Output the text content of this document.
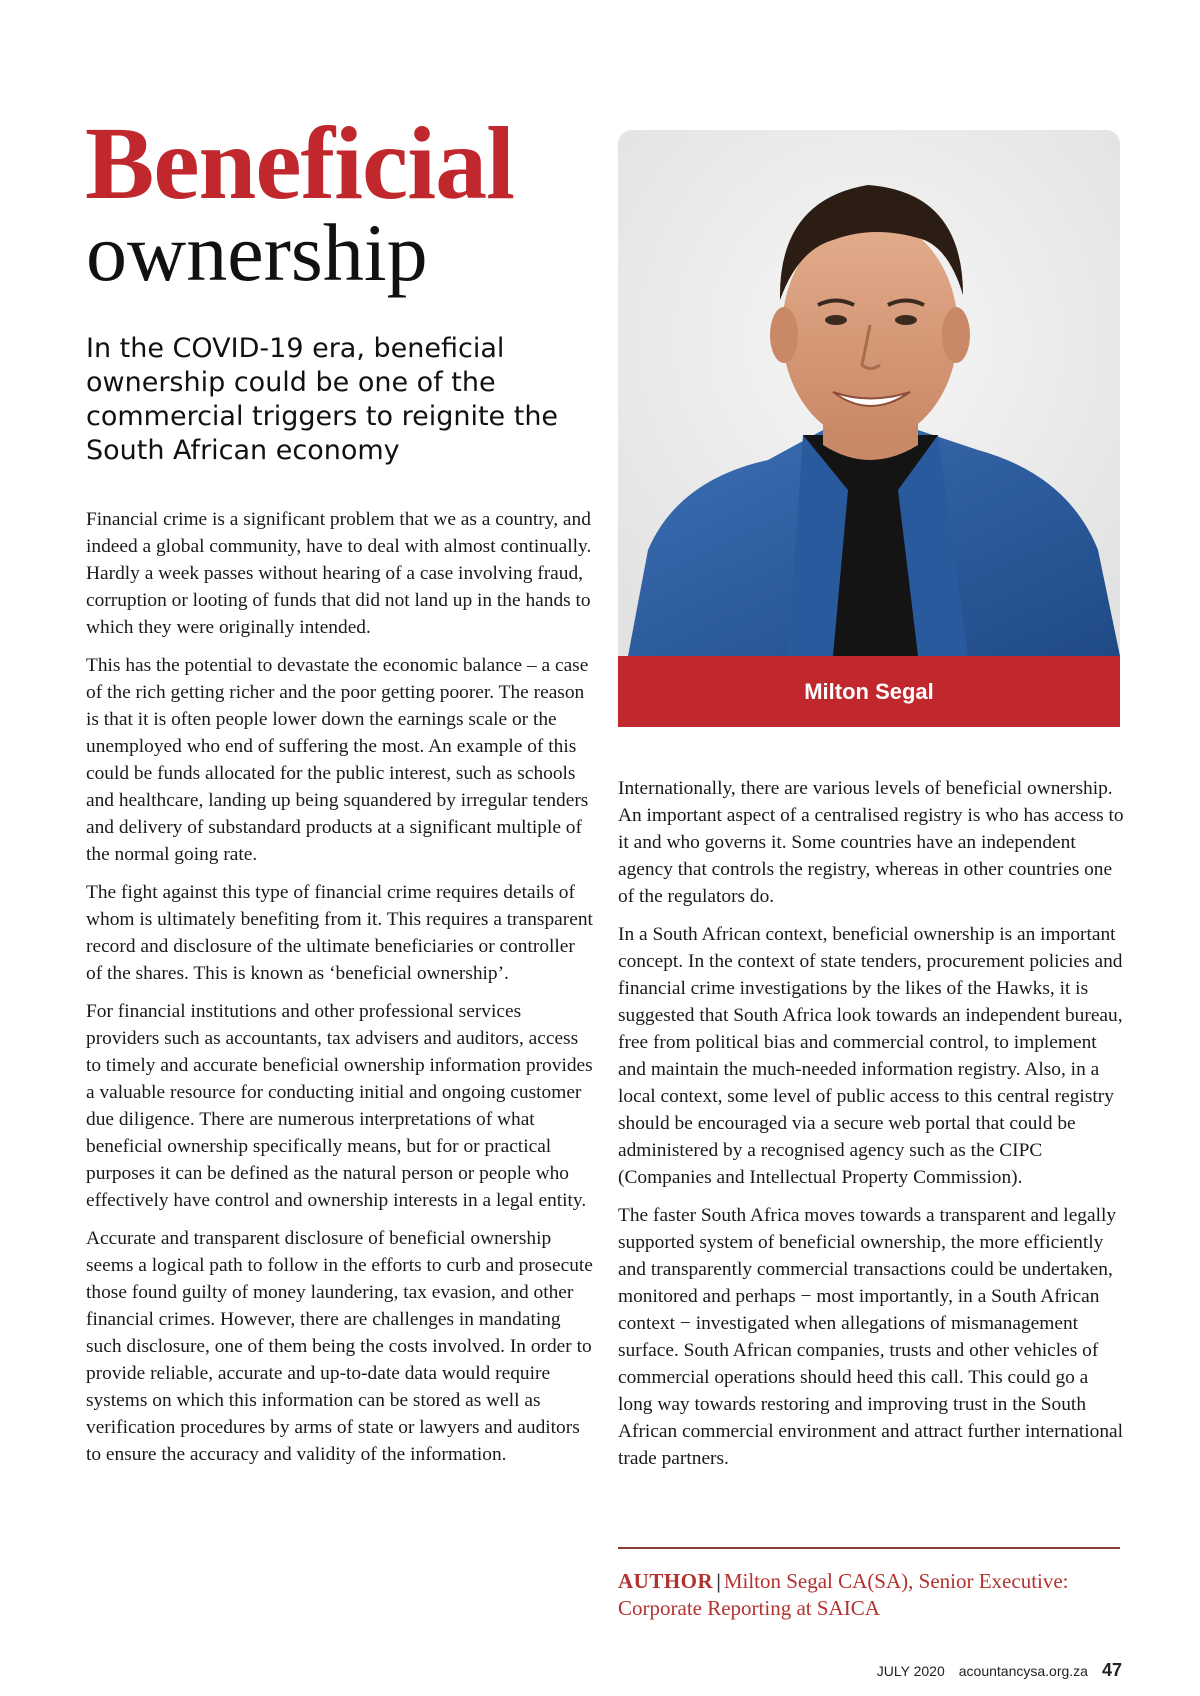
Beneficial
ownership

In the COVID-19 era, beneficial ownership could be one of the commercial triggers to reignite the South African economy

Financial crime is a significant problem that we as a country, and indeed a global community, have to deal with almost continually. Hardly a week passes without hearing of a case involving fraud, corruption or looting of funds that did not land up in the hands to which they were originally intended.

This has the potential to devastate the economic balance – a case of the rich getting richer and the poor getting poorer. The reason is that it is often people lower down the earnings scale or the unemployed who end of suffering the most. An example of this could be funds allocated for the public interest, such as schools and healthcare, landing up being squandered by irregular tenders and delivery of substandard products at a significant multiple of the normal going rate.

The fight against this type of financial crime requires details of whom is ultimately benefiting from it. This requires a transparent record and disclosure of the ultimate beneficiaries or controller of the shares. This is known as ‘beneficial ownership’.

For financial institutions and other professional services providers such as accountants, tax advisers and auditors, access to timely and accurate beneficial ownership information provides a valuable resource for conducting initial and ongoing customer due diligence. There are numerous interpretations of what beneficial ownership specifically means, but for or practical purposes it can be defined as the natural person or people who effectively have control and ownership interests in a legal entity.

Accurate and transparent disclosure of beneficial ownership seems a logical path to follow in the efforts to curb and prosecute those found guilty of money laundering, tax evasion, and other financial crimes. However, there are challenges in mandating such disclosure, one of them being the costs involved. In order to provide reliable, accurate and up-to-date data would require systems on which this information can be stored as well as verification procedures by arms of state or lawyers and auditors to ensure the accuracy and validity of the information.

Milton Segal

Internationally, there are various levels of beneficial ownership. An important aspect of a centralised registry is who has access to it and who governs it. Some countries have an independent agency that controls the registry, whereas in other countries one of the regulators do.

In a South African context, beneficial ownership is an important concept. In the context of state tenders, procurement policies and financial crime investigations by the likes of the Hawks, it is suggested that South Africa look towards an independent bureau, free from political bias and commercial control, to implement and maintain the much-needed information registry. Also, in a local context, some level of public access to this central registry should be encouraged via a secure web portal that could be administered by a recognised agency such as the CIPC (Companies and Intellectual Property Commission).

The faster South Africa moves towards a transparent and legally supported system of beneficial ownership, the more efficiently and transparently commercial transactions could be undertaken, monitored and perhaps − most importantly, in a South African context − investigated when allegations of mismanagement surface. South African companies, trusts and other vehicles of commercial operations should heed this call. This could go a long way towards restoring and improving trust in the South African commercial environment and attract further international trade partners.

AUTHOR | Milton Segal CA(SA), Senior Executive: Corporate Reporting at SAICA
JULY 2020 acountancysa.org.za 47
